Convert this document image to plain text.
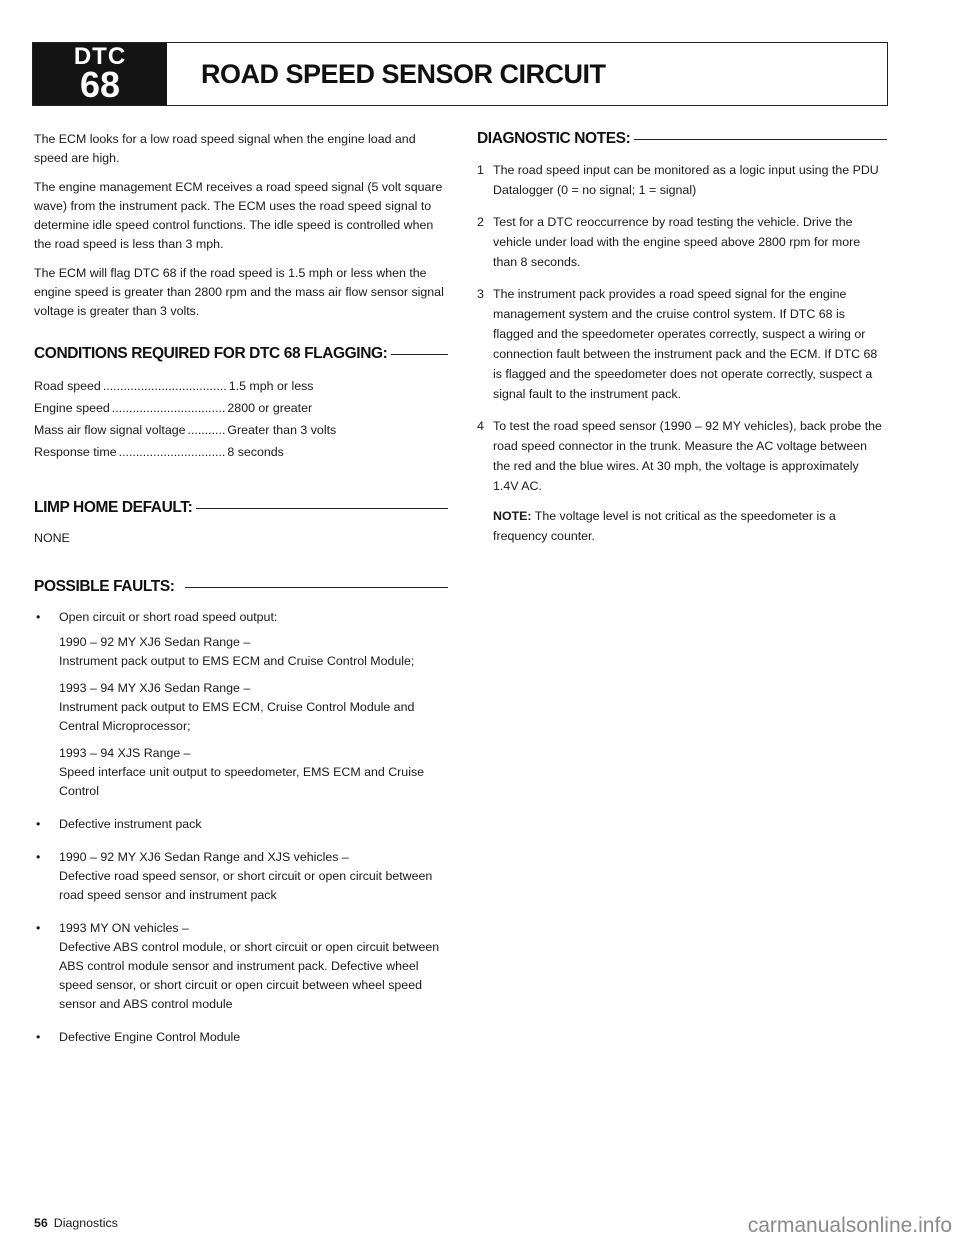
DTC
68	ROAD SPEED SENSOR CIRCUIT

The ECM looks for a low road speed signal when the engine load and speed are high.

The engine management ECM receives a road speed signal (5 volt square wave) from the instrument pack. The ECM uses the road speed signal to determine idle speed control functions. The idle speed is controlled when the road speed is less than 3 mph.

The ECM will flag DTC 68 if the road speed is 1.5 mph or less when the engine speed is greater than 2800 rpm and the mass air flow sensor signal voltage is greater than 3 volts.

CONDITIONS REQUIRED FOR DTC 68 FLAGGING:
Road speed .................................... 1.5 mph or less
Engine speed ................................. 2800 or greater
Mass air flow signal voltage ........... Greater than 3 volts
Response time ............................... 8 seconds
LIMP HOME DEFAULT:

NONE

POSSIBLE FAULTS:
• Open circuit or short road speed output:
1990 – 92 MY XJ6 Sedan Range –
Instrument pack output to EMS ECM and Cruise Control Module;
1993 – 94 MY XJ6 Sedan Range –
Instrument pack output to EMS ECM, Cruise Control Module and Central Microprocessor;
1993 – 94 XJS Range –
Speed interface unit output to speedometer, EMS ECM and Cruise Control
• Defective instrument pack
• 1990 – 92 MY XJ6 Sedan Range and XJS vehicles –
Defective road speed sensor, or short circuit or open circuit between road speed sensor and instrument pack
• 1993 MY ON vehicles –
Defective ABS control module, or short circuit or open circuit between ABS control module sensor and instrument pack. Defective wheel speed sensor, or short circuit or open circuit between wheel speed sensor and ABS control module
• Defective Engine Control Module
DIAGNOSTIC NOTES:
1 The road speed input can be monitored as a logic input using the PDU Datalogger (0 = no signal; 1 = signal)
2 Test for a DTC reoccurrence by road testing the vehicle. Drive the vehicle under load with the engine speed above 2800 rpm for more than 8 seconds.
3 The instrument pack provides a road speed signal for the engine management system and the cruise control system. If DTC 68 is flagged and the speedometer operates correctly, suspect a wiring or connection fault between the instrument pack and the ECM. If DTC 68 is flagged and the speedometer does not operate correctly, suspect a signal fault to the instrument pack.
4 To test the road speed sensor (1990 – 92 MY vehicles), back probe the road speed connector in the trunk. Measure the AC voltage between the red and the blue wires. At 30 mph, the voltage is approximately 1.4V AC.
NOTE: The voltage level is not critical as the speedometer is a frequency counter.
56 Diagnostics	carmanualsonline.info
